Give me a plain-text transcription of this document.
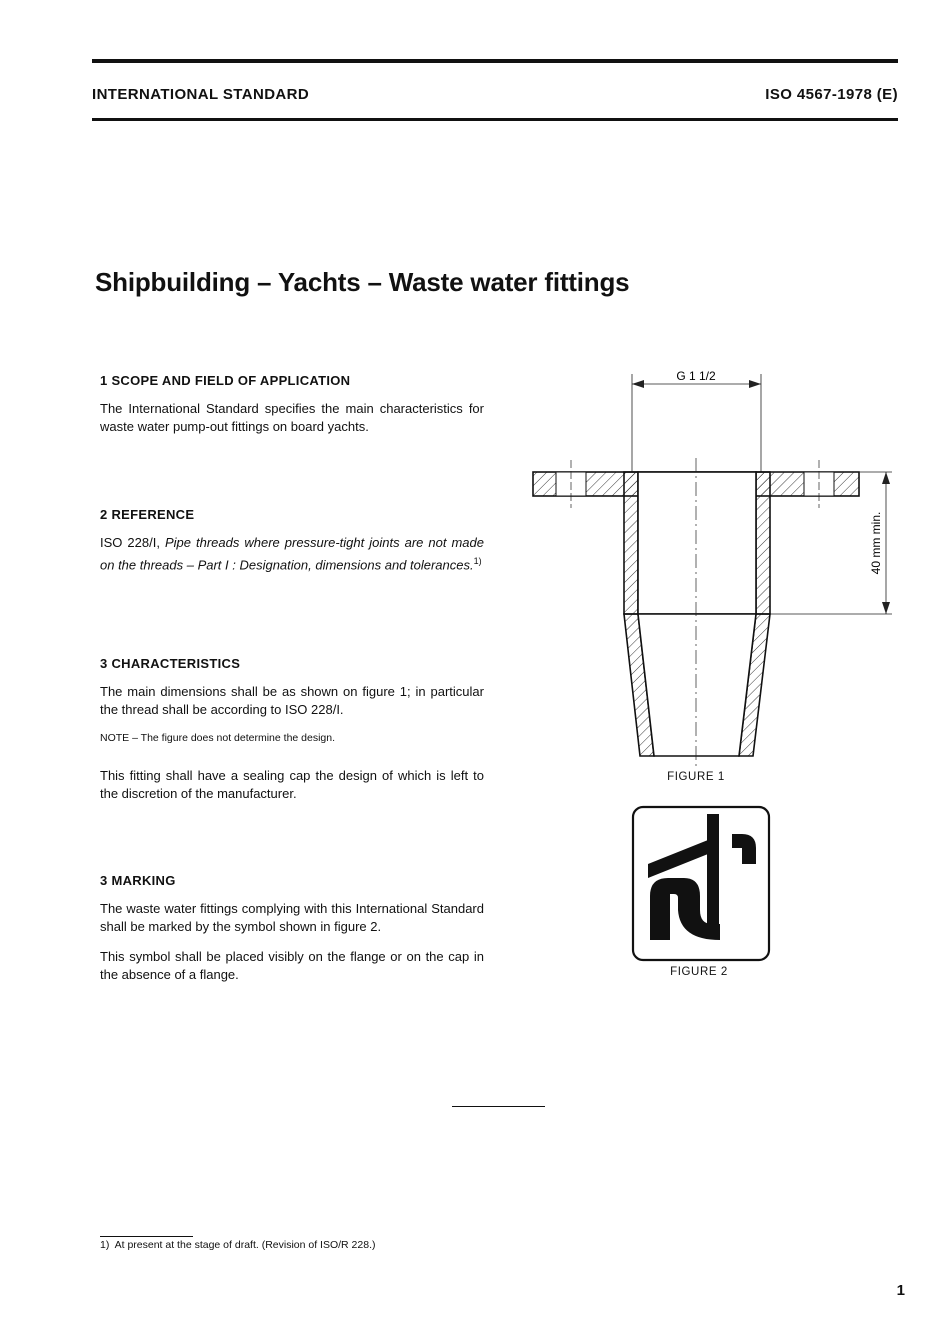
INTERNATIONAL STANDARD	ISO 4567-1978 (E)
Shipbuilding – Yachts – Waste water fittings
1 SCOPE AND FIELD OF APPLICATION

The International Standard specifies the main characteristics for waste water pump-out fittings on board yachts.

2 REFERENCE

ISO 228/I, Pipe threads where pressure-tight joints are not made on the threads – Part I : Designation, dimensions and tolerances.$^{1)}$

3 CHARACTERISTICS

The main dimensions shall be as shown on figure 1; in particular the thread shall be according to ISO 228/I.

NOTE – The figure does not determine the design.

This fitting shall have a sealing cap the design of which is left to the discretion of the manufacturer.

3 MARKING

The waste water fittings complying with this International Standard shall be marked by the symbol shown in figure 2.

This symbol shall be placed visibly on the flange or on the cap in the absence of a flange.

G 1 1/2
40 mm min.
FIGURE 1
FIGURE 2
1) At present at the stage of draft. (Revision of ISO/R 228.)
1
